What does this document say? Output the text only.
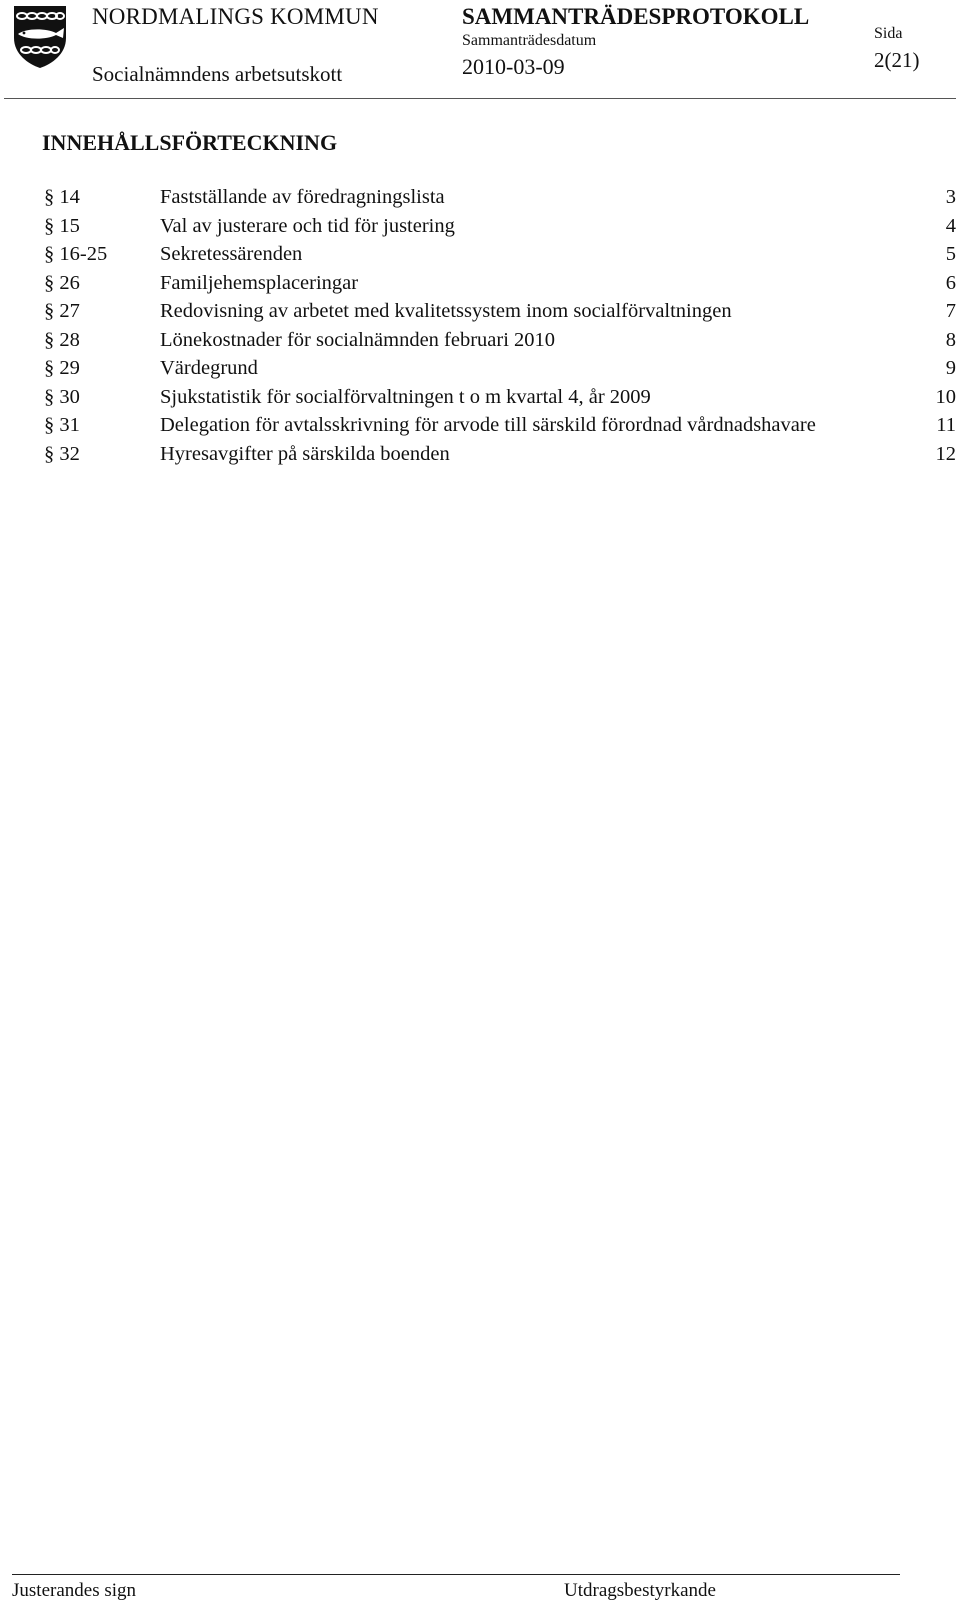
NORDMALINGS KOMMUN
Socialnämndens arbetsutskott
SAMMANTRÄDESPROTOKOLL
Sammanträdesdatum
2010-03-09
Sida
2(21)
INNEHÅLLSFÖRTECKNING
§ 14	Fastställande av föredragningslista	3
§ 15	Val av justerare och tid för justering	4
§ 16-25	Sekretessärenden	5
§ 26	Familjehemsplaceringar	6
§ 27	Redovisning av arbetet med kvalitetssystem inom socialförvaltningen	7
§ 28	Lönekostnader för socialnämnden februari 2010	8
§ 29	Värdegrund	9
§ 30	Sjukstatistik för socialförvaltningen t o m kvartal 4, år 2009	10
§ 31	Delegation för avtalsskrivning för arvode till särskild förordnad vårdnadshavare	11
§ 32	Hyresavgifter på särskilda boenden	12
Justerandes sign	Utdragsbestyrkande
